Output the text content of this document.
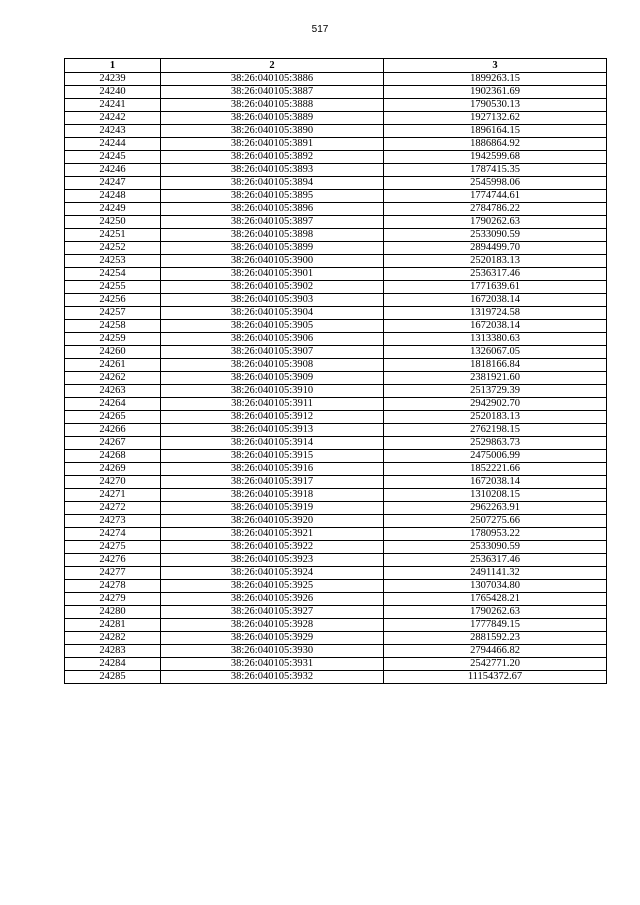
517
1	2	3
24239	38:26:040105:3886	1899263.15
24240	38:26:040105:3887	1902361.69
24241	38:26:040105:3888	1790530.13
24242	38:26:040105:3889	1927132.62
24243	38:26:040105:3890	1896164.15
24244	38:26:040105:3891	1886864.92
24245	38:26:040105:3892	1942599.68
24246	38:26:040105:3893	1787415.35
24247	38:26:040105:3894	2545998.06
24248	38:26:040105:3895	1774744.61
24249	38:26:040105:3896	2784786.22
24250	38:26:040105:3897	1790262.63
24251	38:26:040105:3898	2533090.59
24252	38:26:040105:3899	2894499.70
24253	38:26:040105:3900	2520183.13
24254	38:26:040105:3901	2536317.46
24255	38:26:040105:3902	1771639.61
24256	38:26:040105:3903	1672038.14
24257	38:26:040105:3904	1319724.58
24258	38:26:040105:3905	1672038.14
24259	38:26:040105:3906	1313380.63
24260	38:26:040105:3907	1326067.05
24261	38:26:040105:3908	1818166.84
24262	38:26:040105:3909	2381921.60
24263	38:26:040105:3910	2513729.39
24264	38:26:040105:3911	2942902.70
24265	38:26:040105:3912	2520183.13
24266	38:26:040105:3913	2762198.15
24267	38:26:040105:3914	2529863.73
24268	38:26:040105:3915	2475006.99
24269	38:26:040105:3916	1852221.66
24270	38:26:040105:3917	1672038.14
24271	38:26:040105:3918	1310208.15
24272	38:26:040105:3919	2962263.91
24273	38:26:040105:3920	2507275.66
24274	38:26:040105:3921	1780953.22
24275	38:26:040105:3922	2533090.59
24276	38:26:040105:3923	2536317.46
24277	38:26:040105:3924	2491141.32
24278	38:26:040105:3925	1307034.80
24279	38:26:040105:3926	1765428.21
24280	38:26:040105:3927	1790262.63
24281	38:26:040105:3928	1777849.15
24282	38:26:040105:3929	2881592.23
24283	38:26:040105:3930	2794466.82
24284	38:26:040105:3931	2542771.20
24285	38:26:040105:3932	11154372.67
